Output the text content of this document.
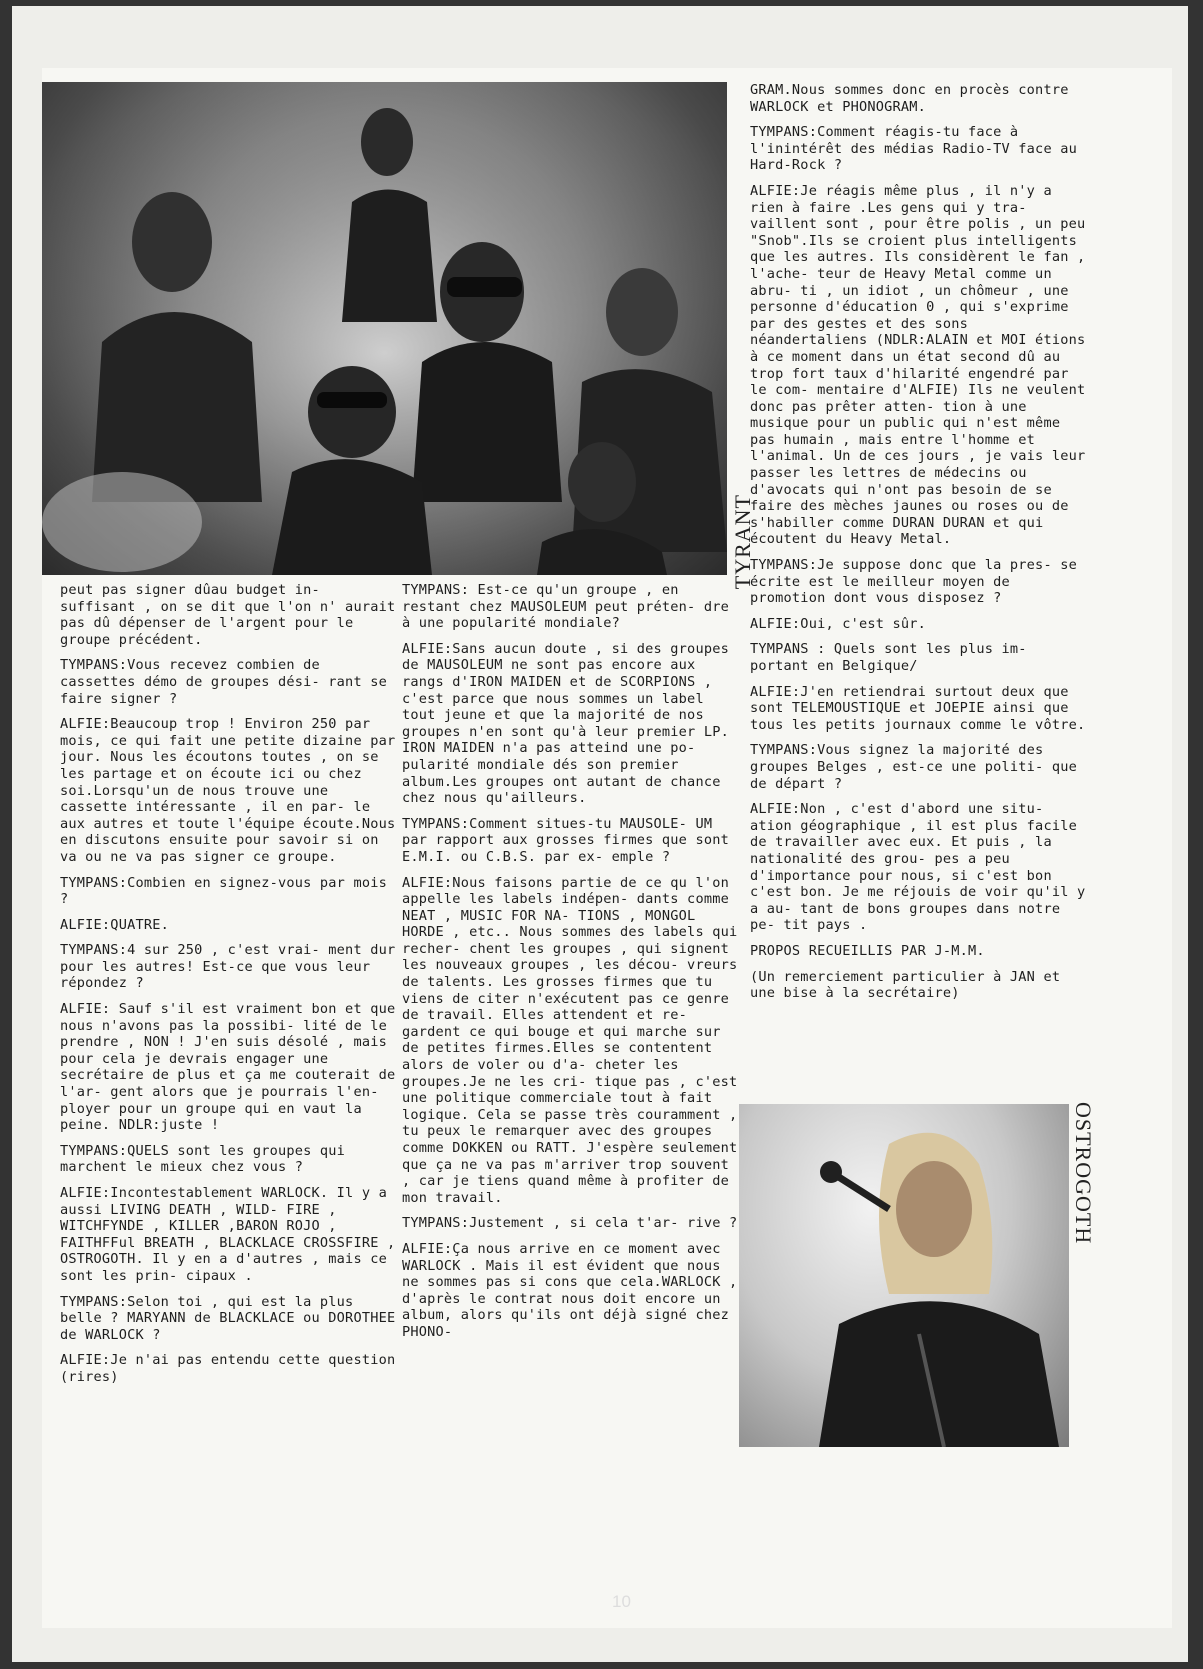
TYRANT
OSTROGOTH

peut pas signer dûau budget in- suffisant , on se dit que l'on n' aurait pas dû dépenser de l'argent pour le groupe précédent.

TYMPANS:Vous recevez combien de cassettes démo de groupes dési- rant se faire signer ?

ALFIE:Beaucoup trop ! Environ 250 par mois, ce qui fait une petite dizaine par jour. Nous les écoutons toutes , on se les partage et on écoute ici ou chez soi.Lorsqu'un de nous trouve une cassette intéressante , il en par- le aux autres et toute l'équipe écoute.Nous en discutons ensuite pour savoir si on va ou ne va pas signer ce groupe.

TYMPANS:Combien en signez-vous par mois ?

ALFIE:QUATRE.

TYMPANS:4 sur 250 , c'est vrai- ment dur pour les autres! Est-ce que vous leur répondez ?

ALFIE: Sauf s'il est vraiment bon et que nous n'avons pas la possibi- lité de le prendre , NON ! J'en suis désolé , mais pour cela je devrais engager une secrétaire de plus et ça me couterait de l'ar- gent alors que je pourrais l'en- ployer pour un groupe qui en vaut la peine. NDLR:juste !

TYMPANS:QUELS sont les groupes qui marchent le mieux chez vous ?

ALFIE:Incontestablement WARLOCK. Il y a aussi LIVING DEATH , WILD- FIRE , WITCHFYNDE , KILLER ,BARON ROJO , FAITHFFul BREATH , BLACKLACE CROSSFIRE , OSTROGOTH. Il y en a d'autres , mais ce sont les prin- cipaux .

TYMPANS:Selon toi , qui est la plus belle ? MARYANN de BLACKLACE ou DOROTHEE de WARLOCK ?

ALFIE:Je n'ai pas entendu cette question (rires)

TYMPANS: Est-ce qu'un groupe , en restant chez MAUSOLEUM peut préten- dre à une popularité mondiale?

ALFIE:Sans aucun doute , si des groupes de MAUSOLEUM ne sont pas encore aux rangs d'IRON MAIDEN et de SCORPIONS , c'est parce que nous sommes un label tout jeune et que la majorité de nos groupes n'en sont qu'à leur premier LP. IRON MAIDEN n'a pas atteind une po- pularité mondiale dés son premier album.Les groupes ont autant de chance chez nous qu'ailleurs.

TYMPANS:Comment situes-tu MAUSOLE- UM par rapport aux grosses firmes que sont E.M.I. ou C.B.S. par ex- emple ?

ALFIE:Nous faisons partie de ce qu l'on appelle les labels indépen- dants comme NEAT , MUSIC FOR NA- TIONS , MONGOL HORDE , etc.. Nous sommes des labels qui recher- chent les groupes , qui signent les nouveaux groupes , les décou- vreurs de talents. Les grosses firmes que tu viens de citer n'exécutent pas ce genre de travail. Elles attendent et re- gardent ce qui bouge et qui marche sur de petites firmes.Elles se contentent alors de voler ou d'a- cheter les groupes.Je ne les cri- tique pas , c'est une politique commerciale tout à fait logique. Cela se passe très couramment , tu peux le remarquer avec des groupes comme DOKKEN ou RATT. J'espère seulement que ça ne va pas m'arriver trop souvent , car je tiens quand même à profiter de mon travail.

TYMPANS:Justement , si cela t'ar- rive ?

ALFIE:Ça nous arrive en ce moment avec WARLOCK . Mais il est évident que nous ne sommes pas si cons que cela.WARLOCK , d'après le contrat nous doit encore un album, alors qu'ils ont déjà signé chez PHONO-

GRAM.Nous sommes donc en procès contre WARLOCK et PHONOGRAM.

TYMPANS:Comment réagis-tu face à l'inintérêt des médias Radio-TV face au Hard-Rock ?

ALFIE:Je réagis même plus , il n'y a rien à faire .Les gens qui y tra- vaillent sont , pour être polis , un peu "Snob".Ils se croient plus intelligents que les autres. Ils considèrent le fan , l'ache- teur de Heavy Metal comme un abru- ti , un idiot , un chômeur , une personne d'éducation 0 , qui s'exprime par des gestes et des sons néandertaliens (NDLR:ALAIN et MOI étions à ce moment dans un état second dû au trop fort taux d'hilarité engendré par le com- mentaire d'ALFIE) Ils ne veulent donc pas prêter atten- tion à une musique pour un public qui n'est même pas humain , mais entre l'homme et l'animal. Un de ces jours , je vais leur passer les lettres de médecins ou d'avocats qui n'ont pas besoin de se faire des mèches jaunes ou roses ou de s'habiller comme DURAN DURAN et qui écoutent du Heavy Metal.

TYMPANS:Je suppose donc que la pres- se écrite est le meilleur moyen de promotion dont vous disposez ?

ALFIE:Oui, c'est sûr.

TYMPANS : Quels sont les plus im- portant en Belgique/

ALFIE:J'en retiendrai surtout deux que sont TELEMOUSTIQUE et JOEPIE ainsi que tous les petits journaux comme le vôtre.

TYMPANS:Vous signez la majorité des groupes Belges , est-ce une politi- que de départ ?

ALFIE:Non , c'est d'abord une situ- ation géographique , il est plus facile de travailler avec eux. Et puis , la nationalité des grou- pes a peu d'importance pour nous, si c'est bon c'est bon. Je me réjouis de voir qu'il y a au- tant de bons groupes dans notre pe- tit pays .

PROPOS RECUEILLIS PAR J-M.M.

(Un remerciement particulier à JAN et une bise à la secrétaire)

10
